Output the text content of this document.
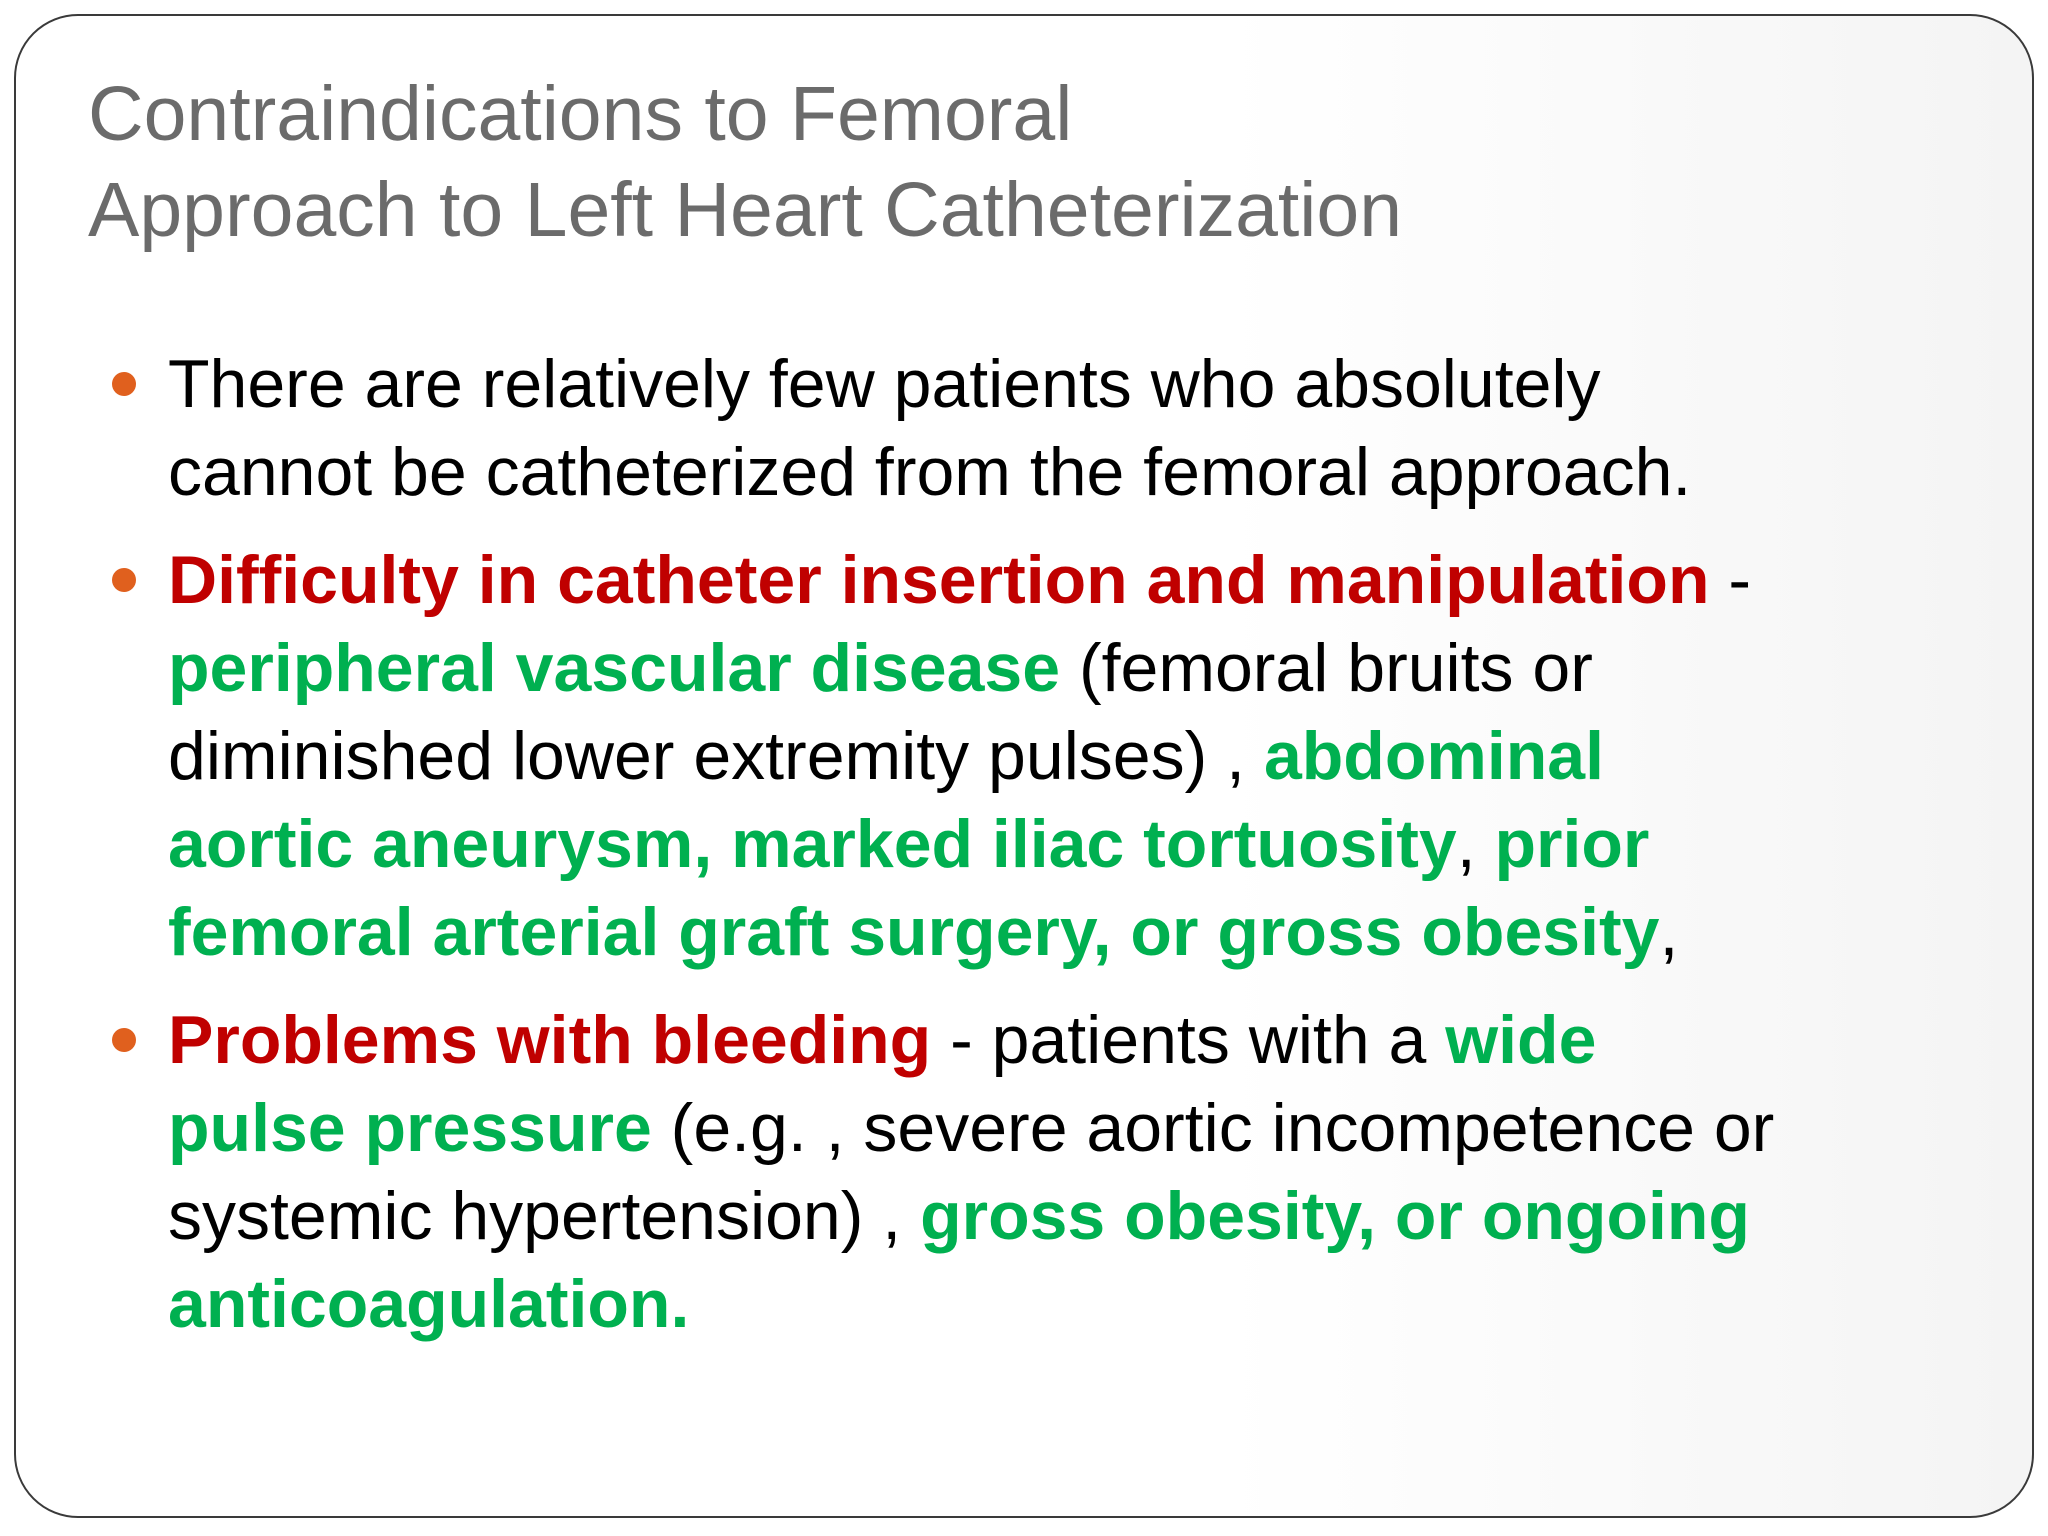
Contraindications to Femoral
Approach to Left Heart Catheterization
There are relatively few patients who absolutely
cannot be catheterized from the femoral approach.
Difficulty in catheter insertion and manipulation -
peripheral vascular disease (femoral bruits or
diminished lower extremity pulses) , abdominal
aortic aneurysm, marked iliac tortuosity, prior
femoral arterial graft surgery, or gross obesity,
Problems with bleeding - patients with a wide
pulse pressure (e.g. , severe aortic incompetence or
systemic hypertension) , gross obesity, or ongoing
anticoagulation.
